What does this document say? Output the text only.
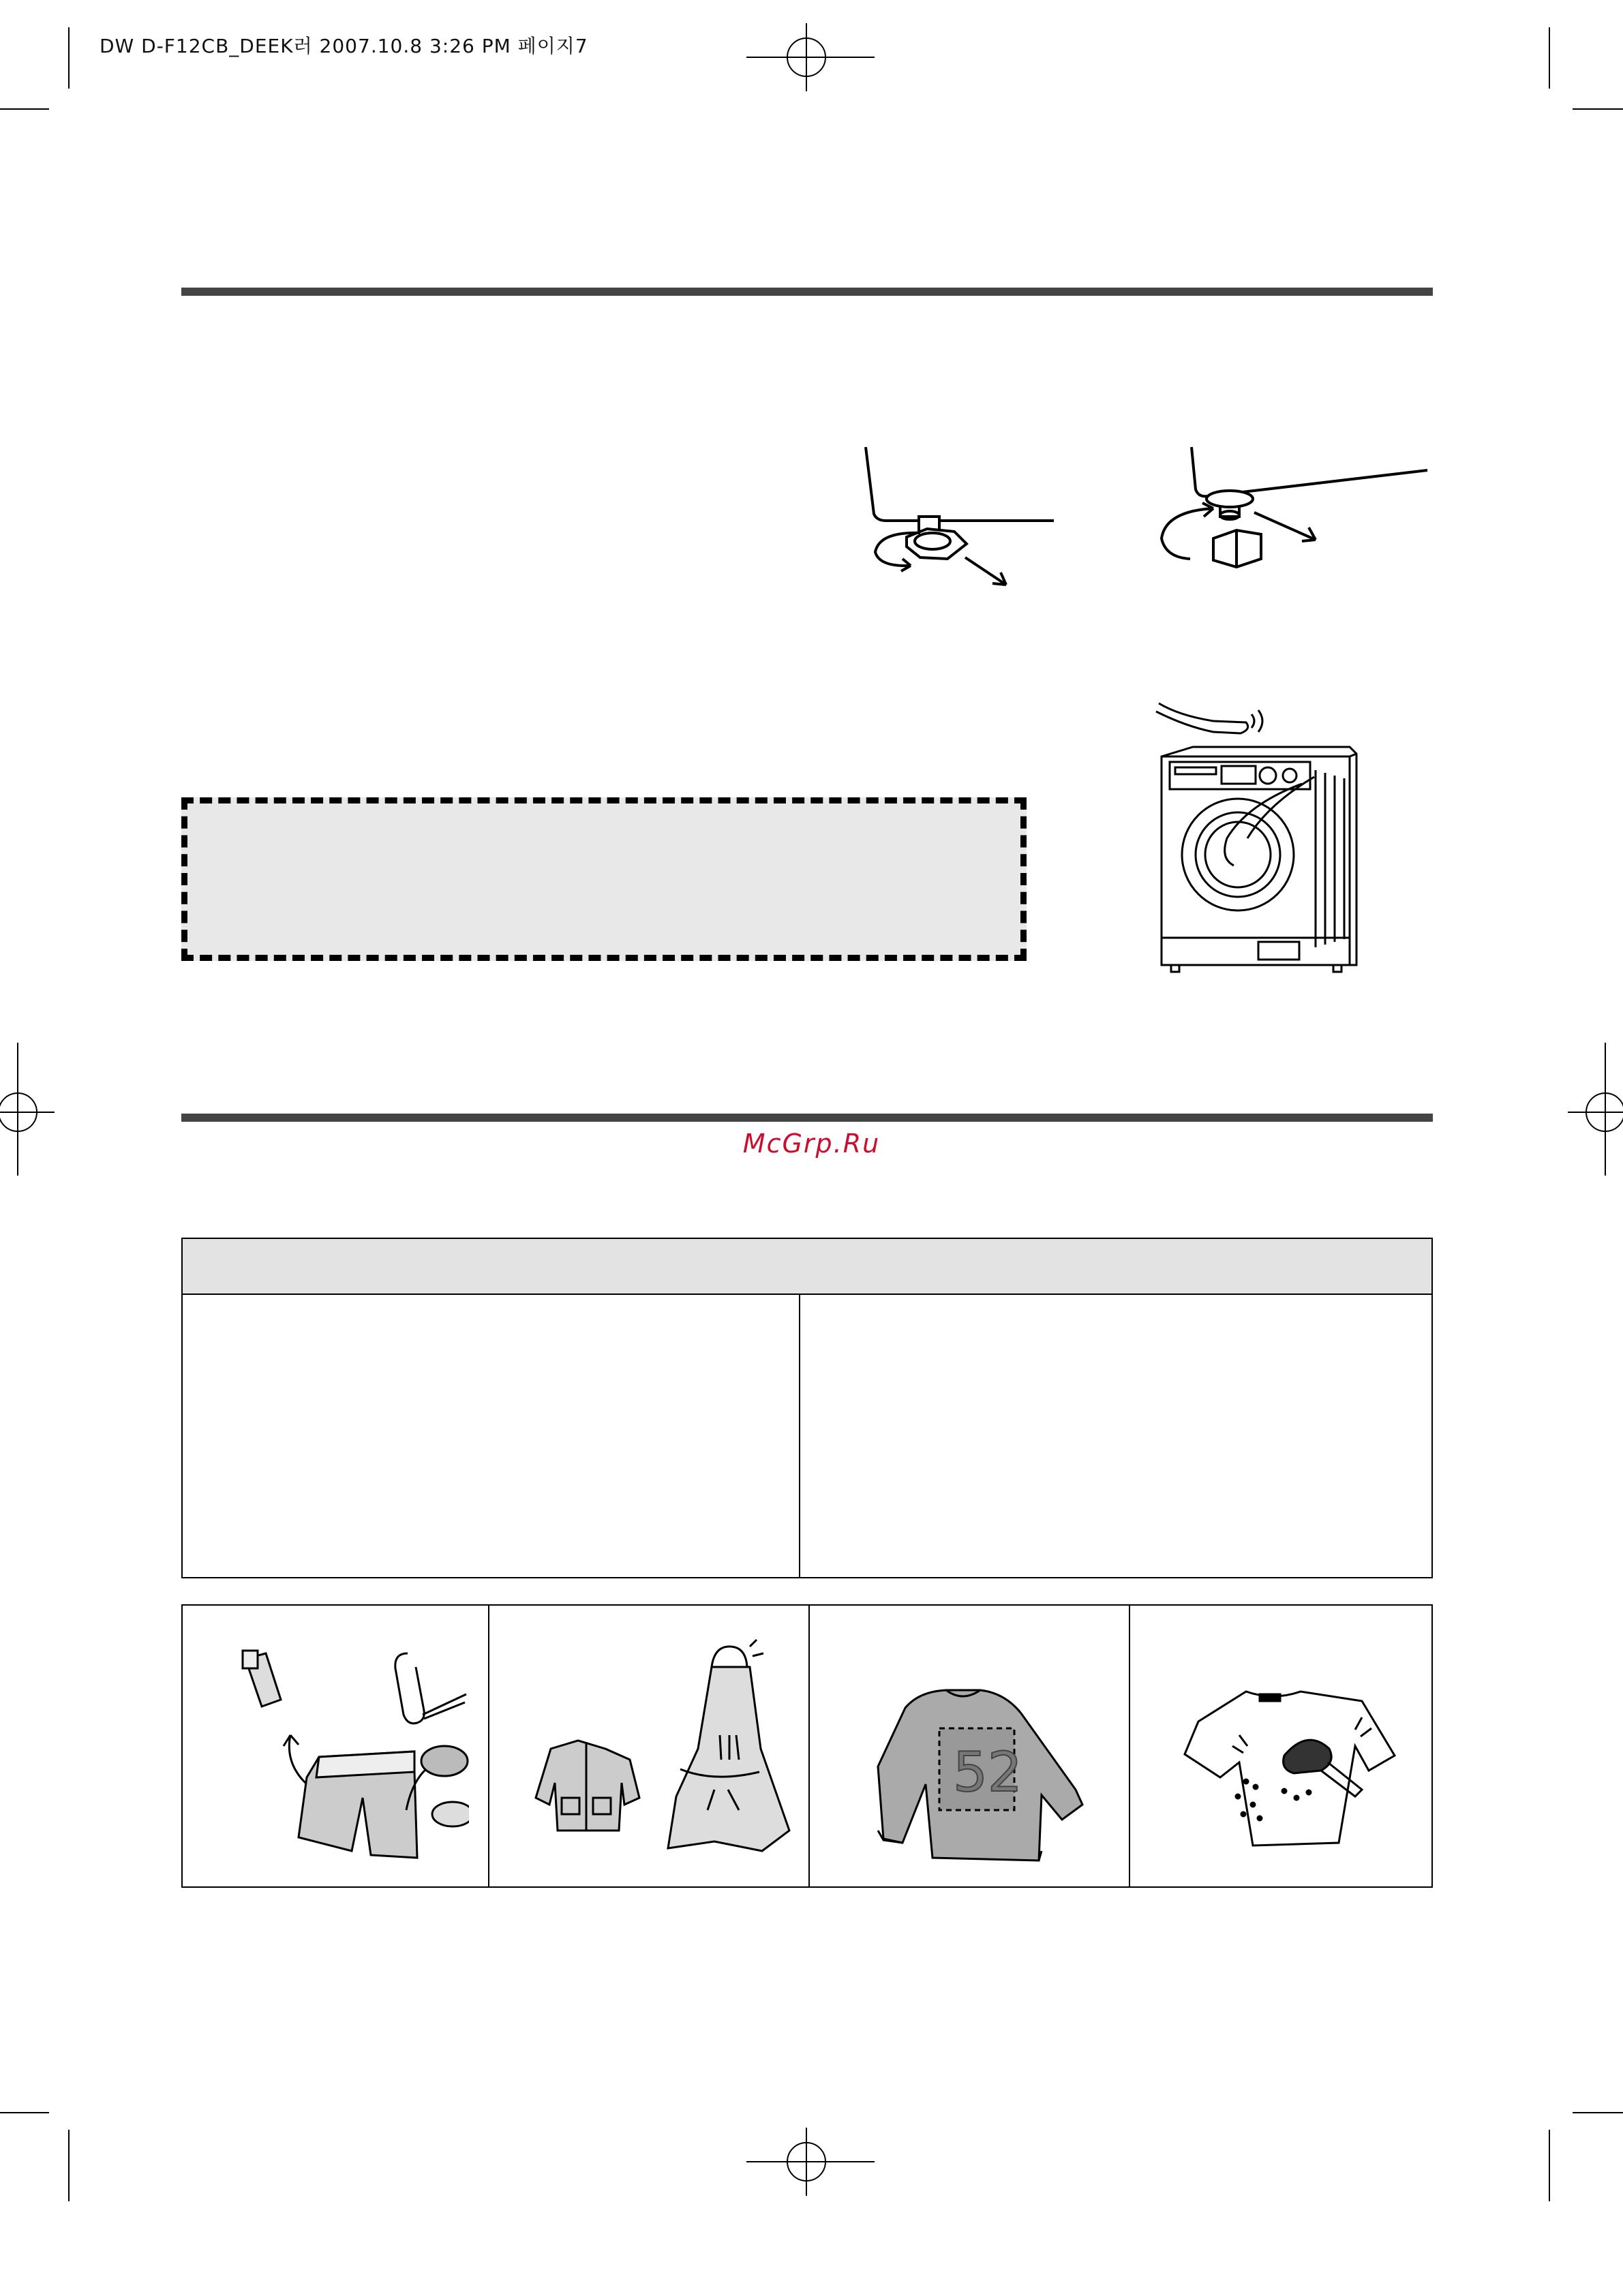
DW D-F12CB_DEEK러 2007.10.8 3:26 PM 페이지7
McGrp.Ru
52
